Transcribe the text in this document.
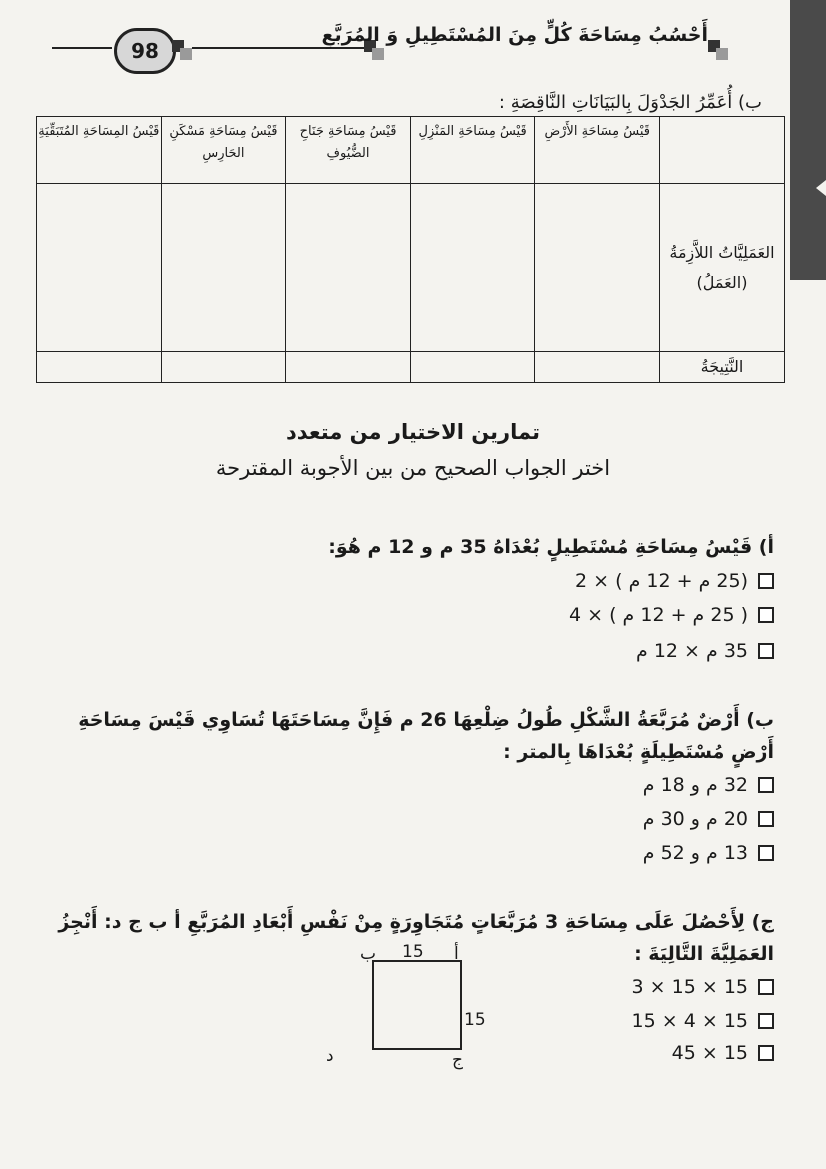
98
أَحْسُبُ مِسَاحَةَ كُلٍّ مِنَ المُسْتَطِيلِ وَ المُرَبَّعِ
ب) أُعَمِّرُ الجَدْوَلَ بِالبَيَانَاتِ النَّاقِصَةِ :
	قَيْسُ مِسَاحَةِ الأَرْضِ	قَيْسُ مِسَاحَةِ المَنْزِلِ	قَيْسُ مِسَاحَةِ جَنَاحِ الضُّيُوفِ	قَيْسُ مِسَاحَةِ مَسْكَنِ الحَارِسِ	قَيْسُ المِسَاحَةِ المُتَبَقِّيَةِ
العَمَلِيَّاتُ اللاَّزِمَةُ (العَمَلُ)					
النَّتِيجَةُ					
تمارين الاختيار من متعدد
اختر الجواب الصحيح من بين الأجوبة المقترحة
أ) قَيْسُ مِسَاحَةِ مُسْتَطِيلٍ بُعْدَاهُ 35 م و 12 م هُوَ:
(25 م + 12 م ) × 2
( 25 م + 12 م ) × 4
35 م × 12 م
ب) أَرْضٌ مُرَبَّعَةُ الشَّكْلِ طُولُ ضِلْعِهَا 26 م فَإِنَّ مِسَاحَتَهَا تُسَاوِي قَيْسَ مِسَاحَةِ أَرْضٍ مُسْتَطِيلَةٍ بُعْدَاهَا بِالمتر :
32 م و 18 م
20 م و 30 م
13 م و 52 م
ج) لِأَحْصُلَ عَلَى مِسَاحَةِ 3 مُرَبَّعَاتٍ مُتَجَاوِرَةٍ مِنْ نَفْسِ أَبْعَادِ المُرَبَّعِ أ ب ج د: أَنْجِزُ العَمَلِيَّةَ التَّالِيَةَ :
15 × 15 × 3
15 × 4 × 15
15 × 45
أ
ب
ج
د
15
15
